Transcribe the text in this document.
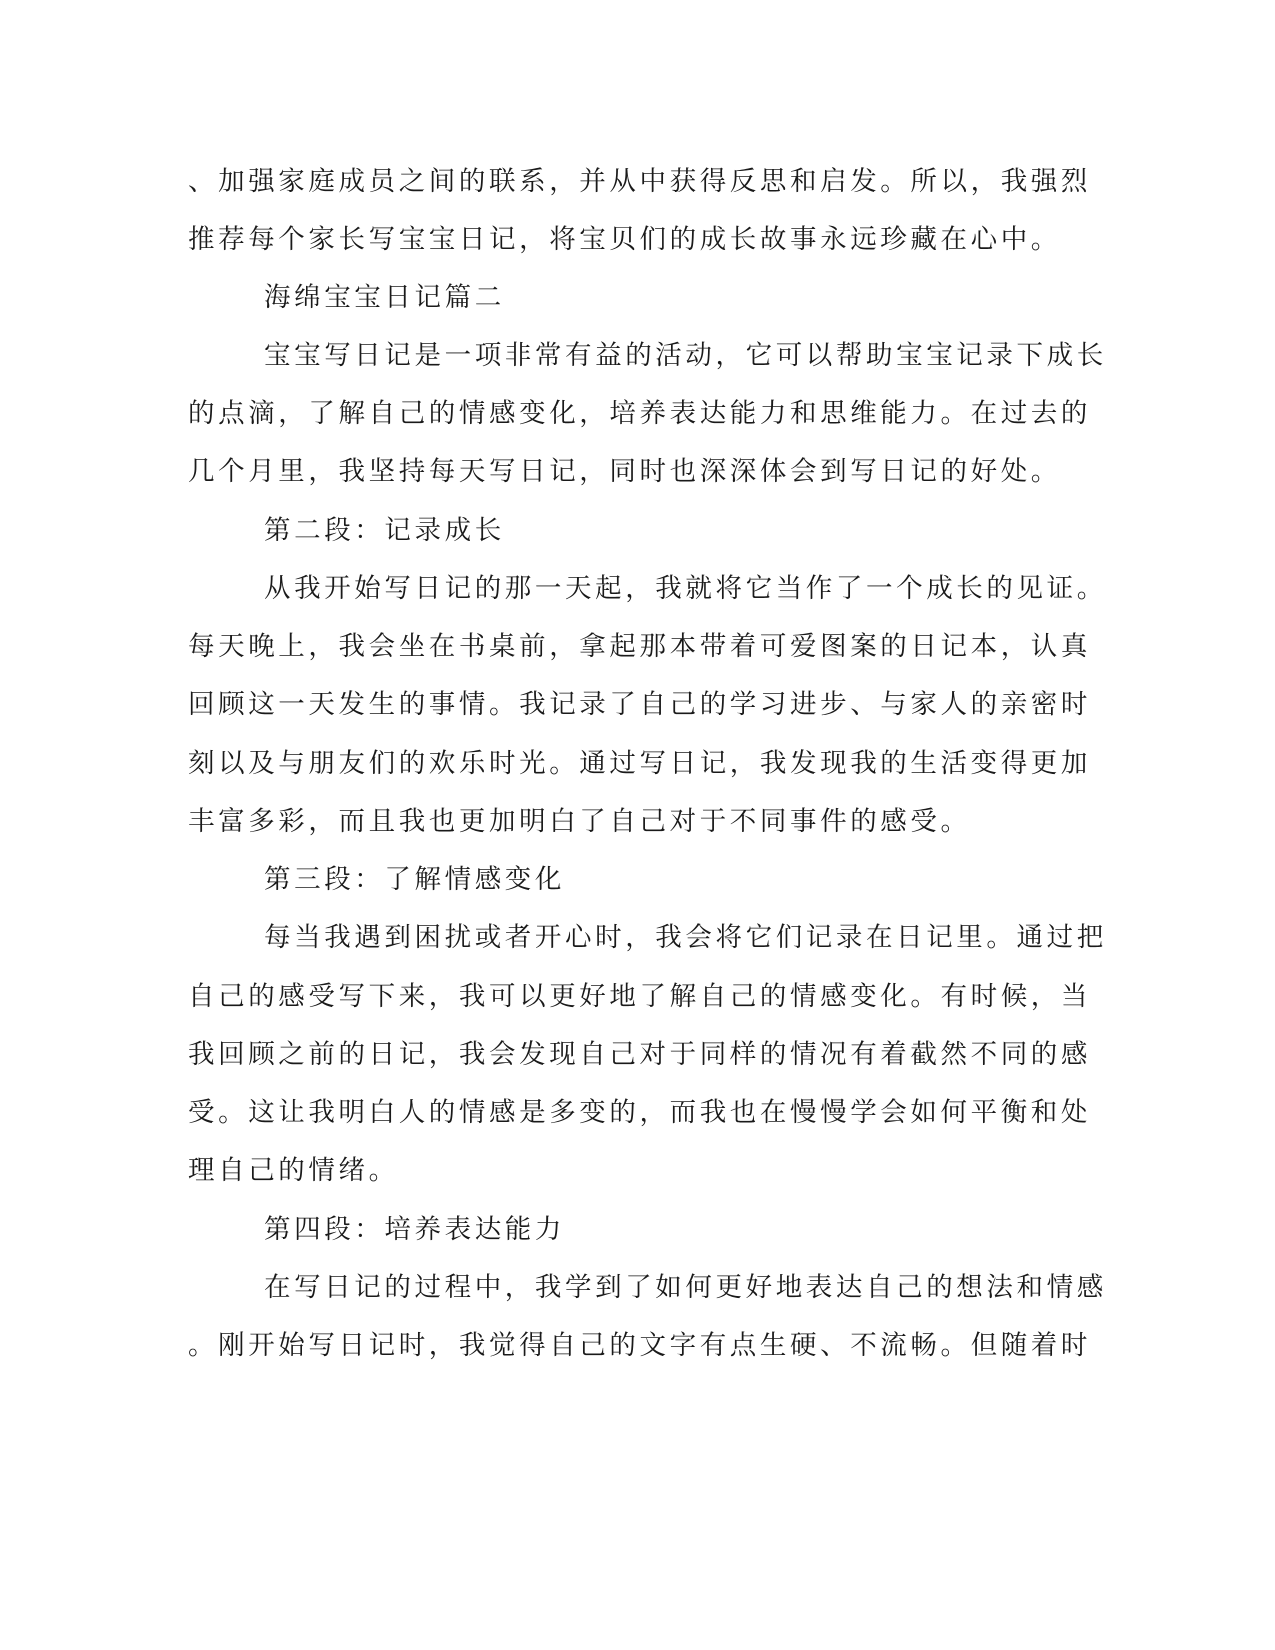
、加强家庭成员之间的联系，并从中获得反思和启发。所以，我强烈
推荐每个家长写宝宝日记，将宝贝们的成长故事永远珍藏在心中。
海绵宝宝日记篇二
宝宝写日记是一项非常有益的活动，它可以帮助宝宝记录下成长
的点滴，了解自己的情感变化，培养表达能力和思维能力。在过去的
几个月里，我坚持每天写日记，同时也深深体会到写日记的好处。
第二段：记录成长
从我开始写日记的那一天起，我就将它当作了一个成长的见证。
每天晚上，我会坐在书桌前，拿起那本带着可爱图案的日记本，认真
回顾这一天发生的事情。我记录了自己的学习进步、与家人的亲密时
刻以及与朋友们的欢乐时光。通过写日记，我发现我的生活变得更加
丰富多彩，而且我也更加明白了自己对于不同事件的感受。
第三段：了解情感变化
每当我遇到困扰或者开心时，我会将它们记录在日记里。通过把
自己的感受写下来，我可以更好地了解自己的情感变化。有时候，当
我回顾之前的日记，我会发现自己对于同样的情况有着截然不同的感
受。这让我明白人的情感是多变的，而我也在慢慢学会如何平衡和处
理自己的情绪。
第四段：培养表达能力
在写日记的过程中，我学到了如何更好地表达自己的想法和情感
。刚开始写日记时，我觉得自己的文字有点生硬、不流畅。但随着时
